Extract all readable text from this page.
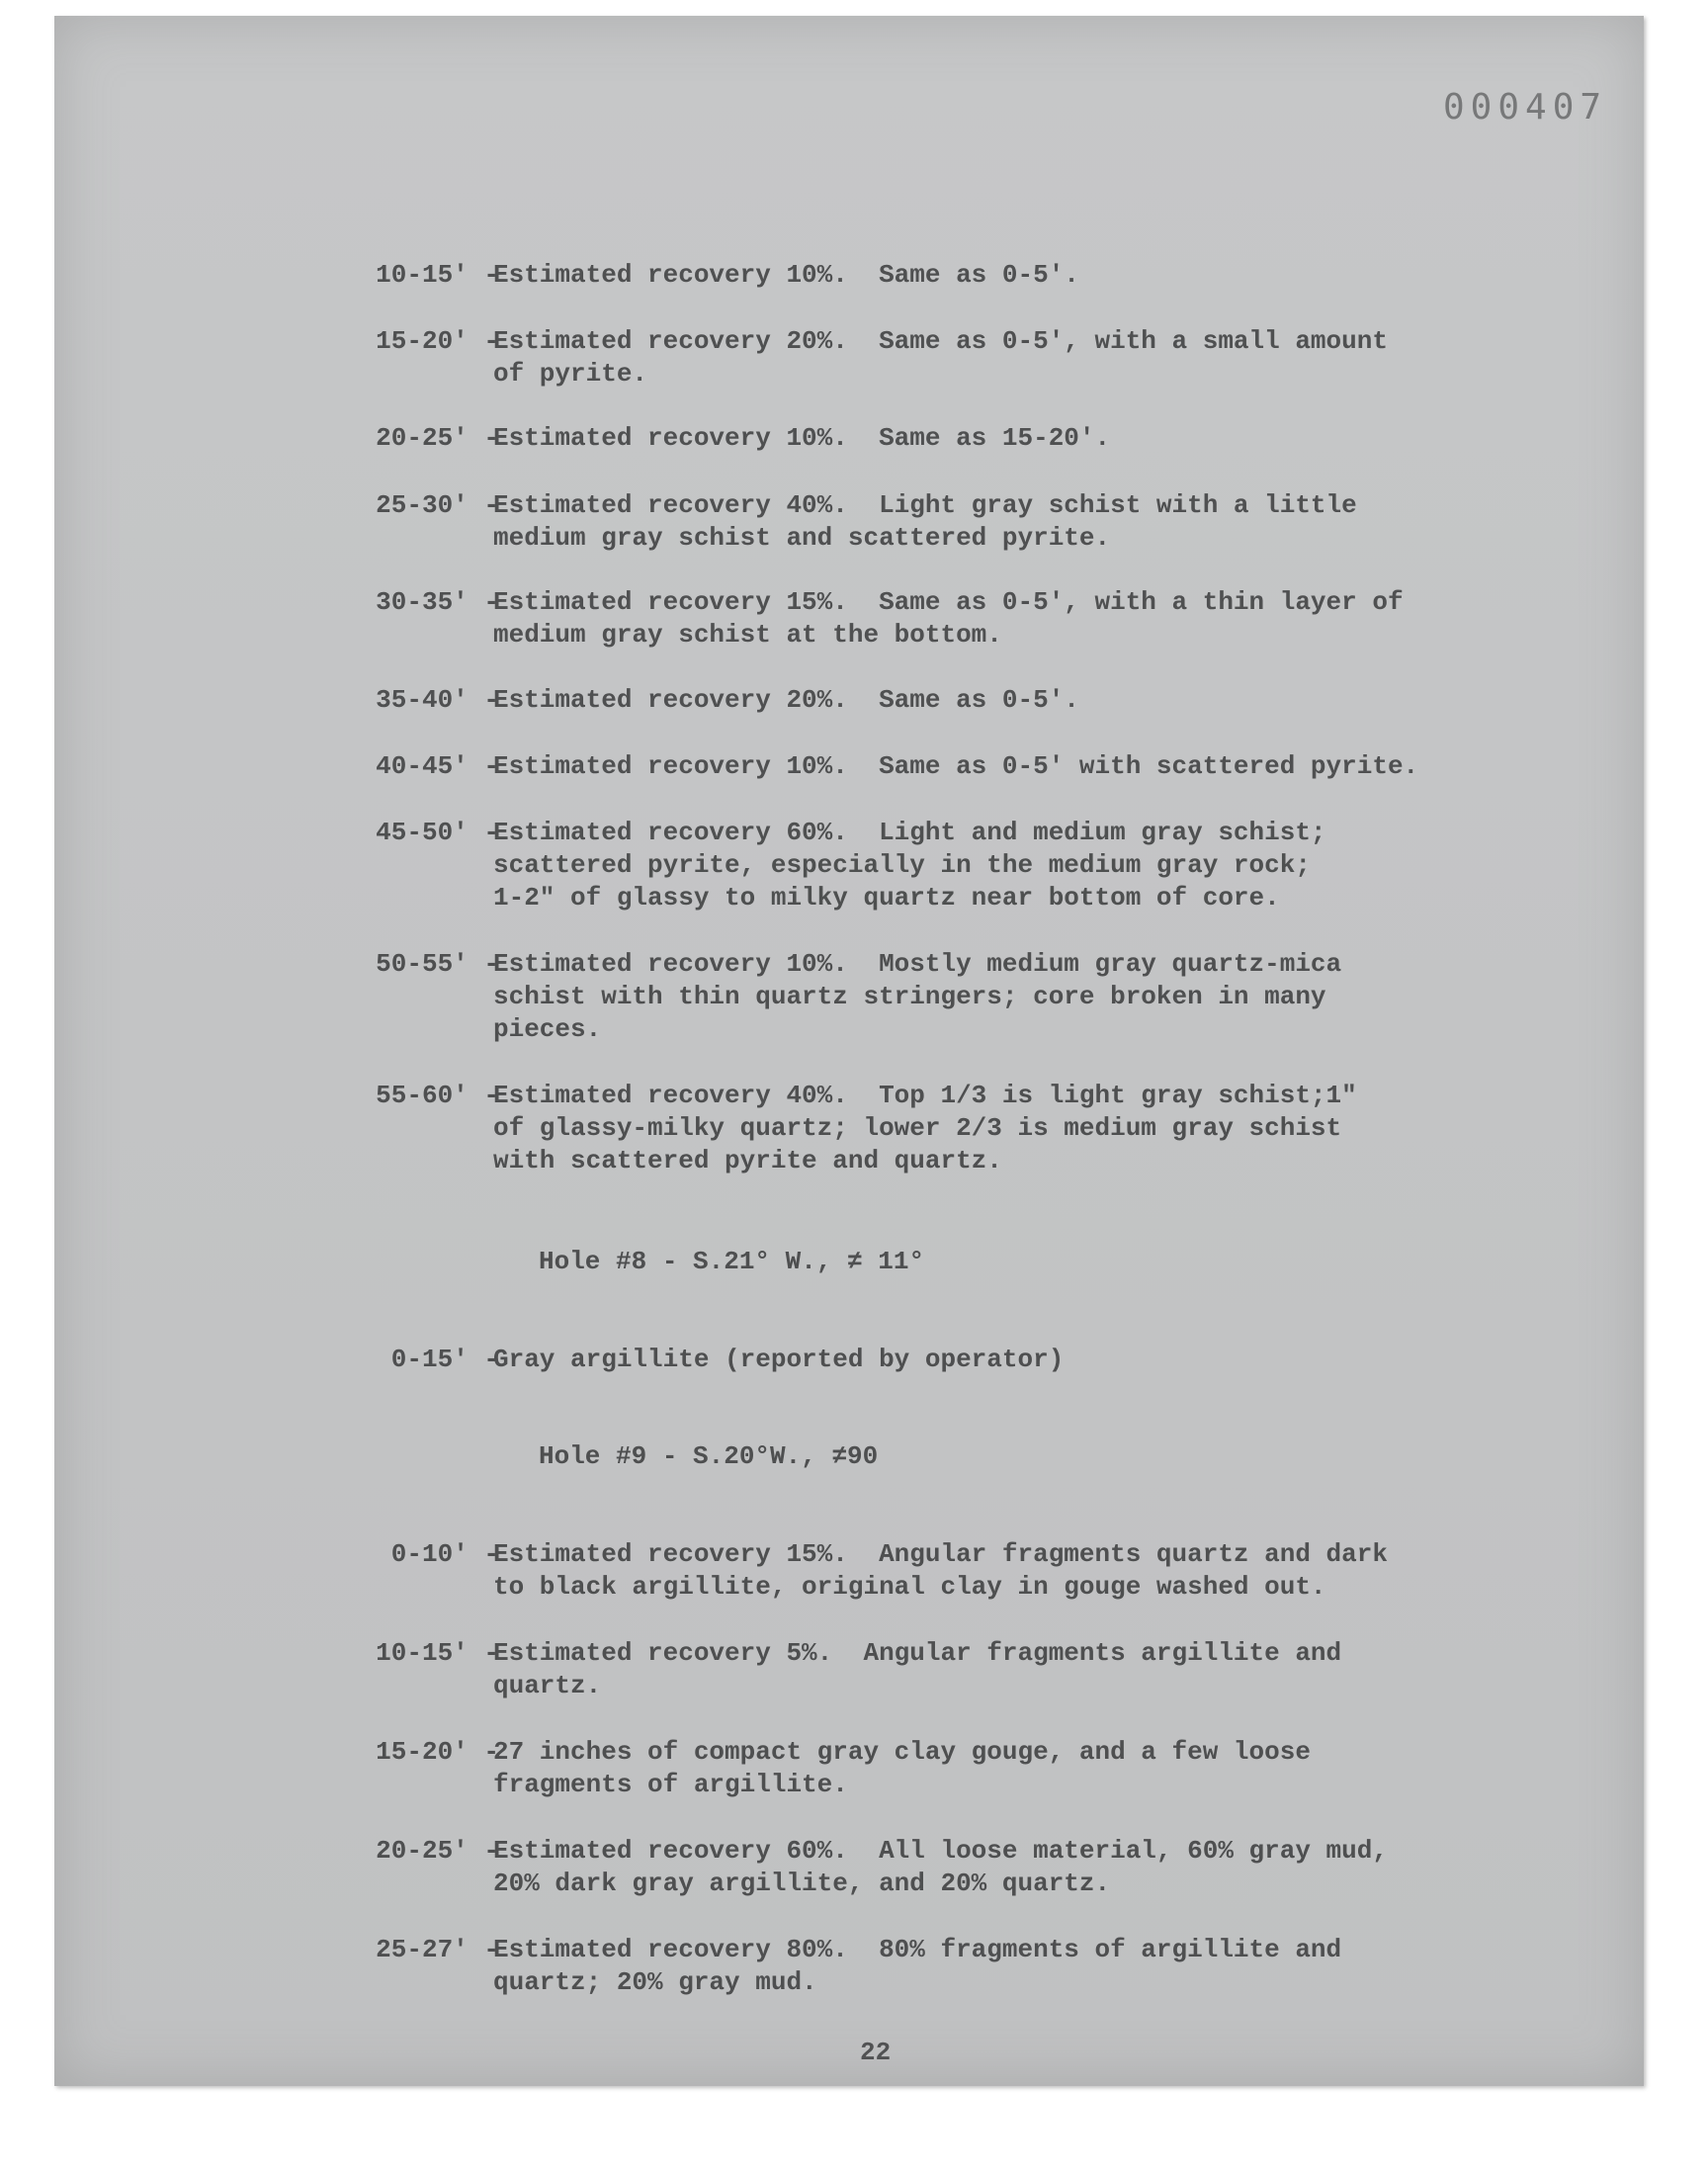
000407
10-15' -
Estimated recovery 10%.  Same as 0-5'.
15-20' -
Estimated recovery 20%.  Same as 0-5', with a small amount
of pyrite.
20-25' -
Estimated recovery 10%.  Same as 15-20'.
25-30' -
Estimated recovery 40%.  Light gray schist with a little
medium gray schist and scattered pyrite.
30-35' -
Estimated recovery 15%.  Same as 0-5', with a thin layer of
medium gray schist at the bottom.
35-40' -
Estimated recovery 20%.  Same as 0-5'.
40-45' -
Estimated recovery 10%.  Same as 0-5' with scattered pyrite.
45-50' -
Estimated recovery 60%.  Light and medium gray schist;
scattered pyrite, especially in the medium gray rock;
1-2" of glassy to milky quartz near bottom of core.
50-55' -
Estimated recovery 10%.  Mostly medium gray quartz-mica
schist with thin quartz stringers; core broken in many
pieces.
55-60' -
Estimated recovery 40%.  Top 1/3 is light gray schist;1"
of glassy-milky quartz; lower 2/3 is medium gray schist
with scattered pyrite and quartz.
Hole #8 - S.21° W., ≠ 11°
0-15' -
Gray argillite (reported by operator)
Hole #9 - S.20°W., ≠90
0-10' -
Estimated recovery 15%.  Angular fragments quartz and dark
to black argillite, original clay in gouge washed out.
10-15' -
Estimated recovery 5%.  Angular fragments argillite and
quartz.
15-20' -
27 inches of compact gray clay gouge, and a few loose
fragments of argillite.
20-25' -
Estimated recovery 60%.  All loose material, 60% gray mud,
20% dark gray argillite, and 20% quartz.
25-27' -
Estimated recovery 80%.  80% fragments of argillite and
quartz; 20% gray mud.
22
